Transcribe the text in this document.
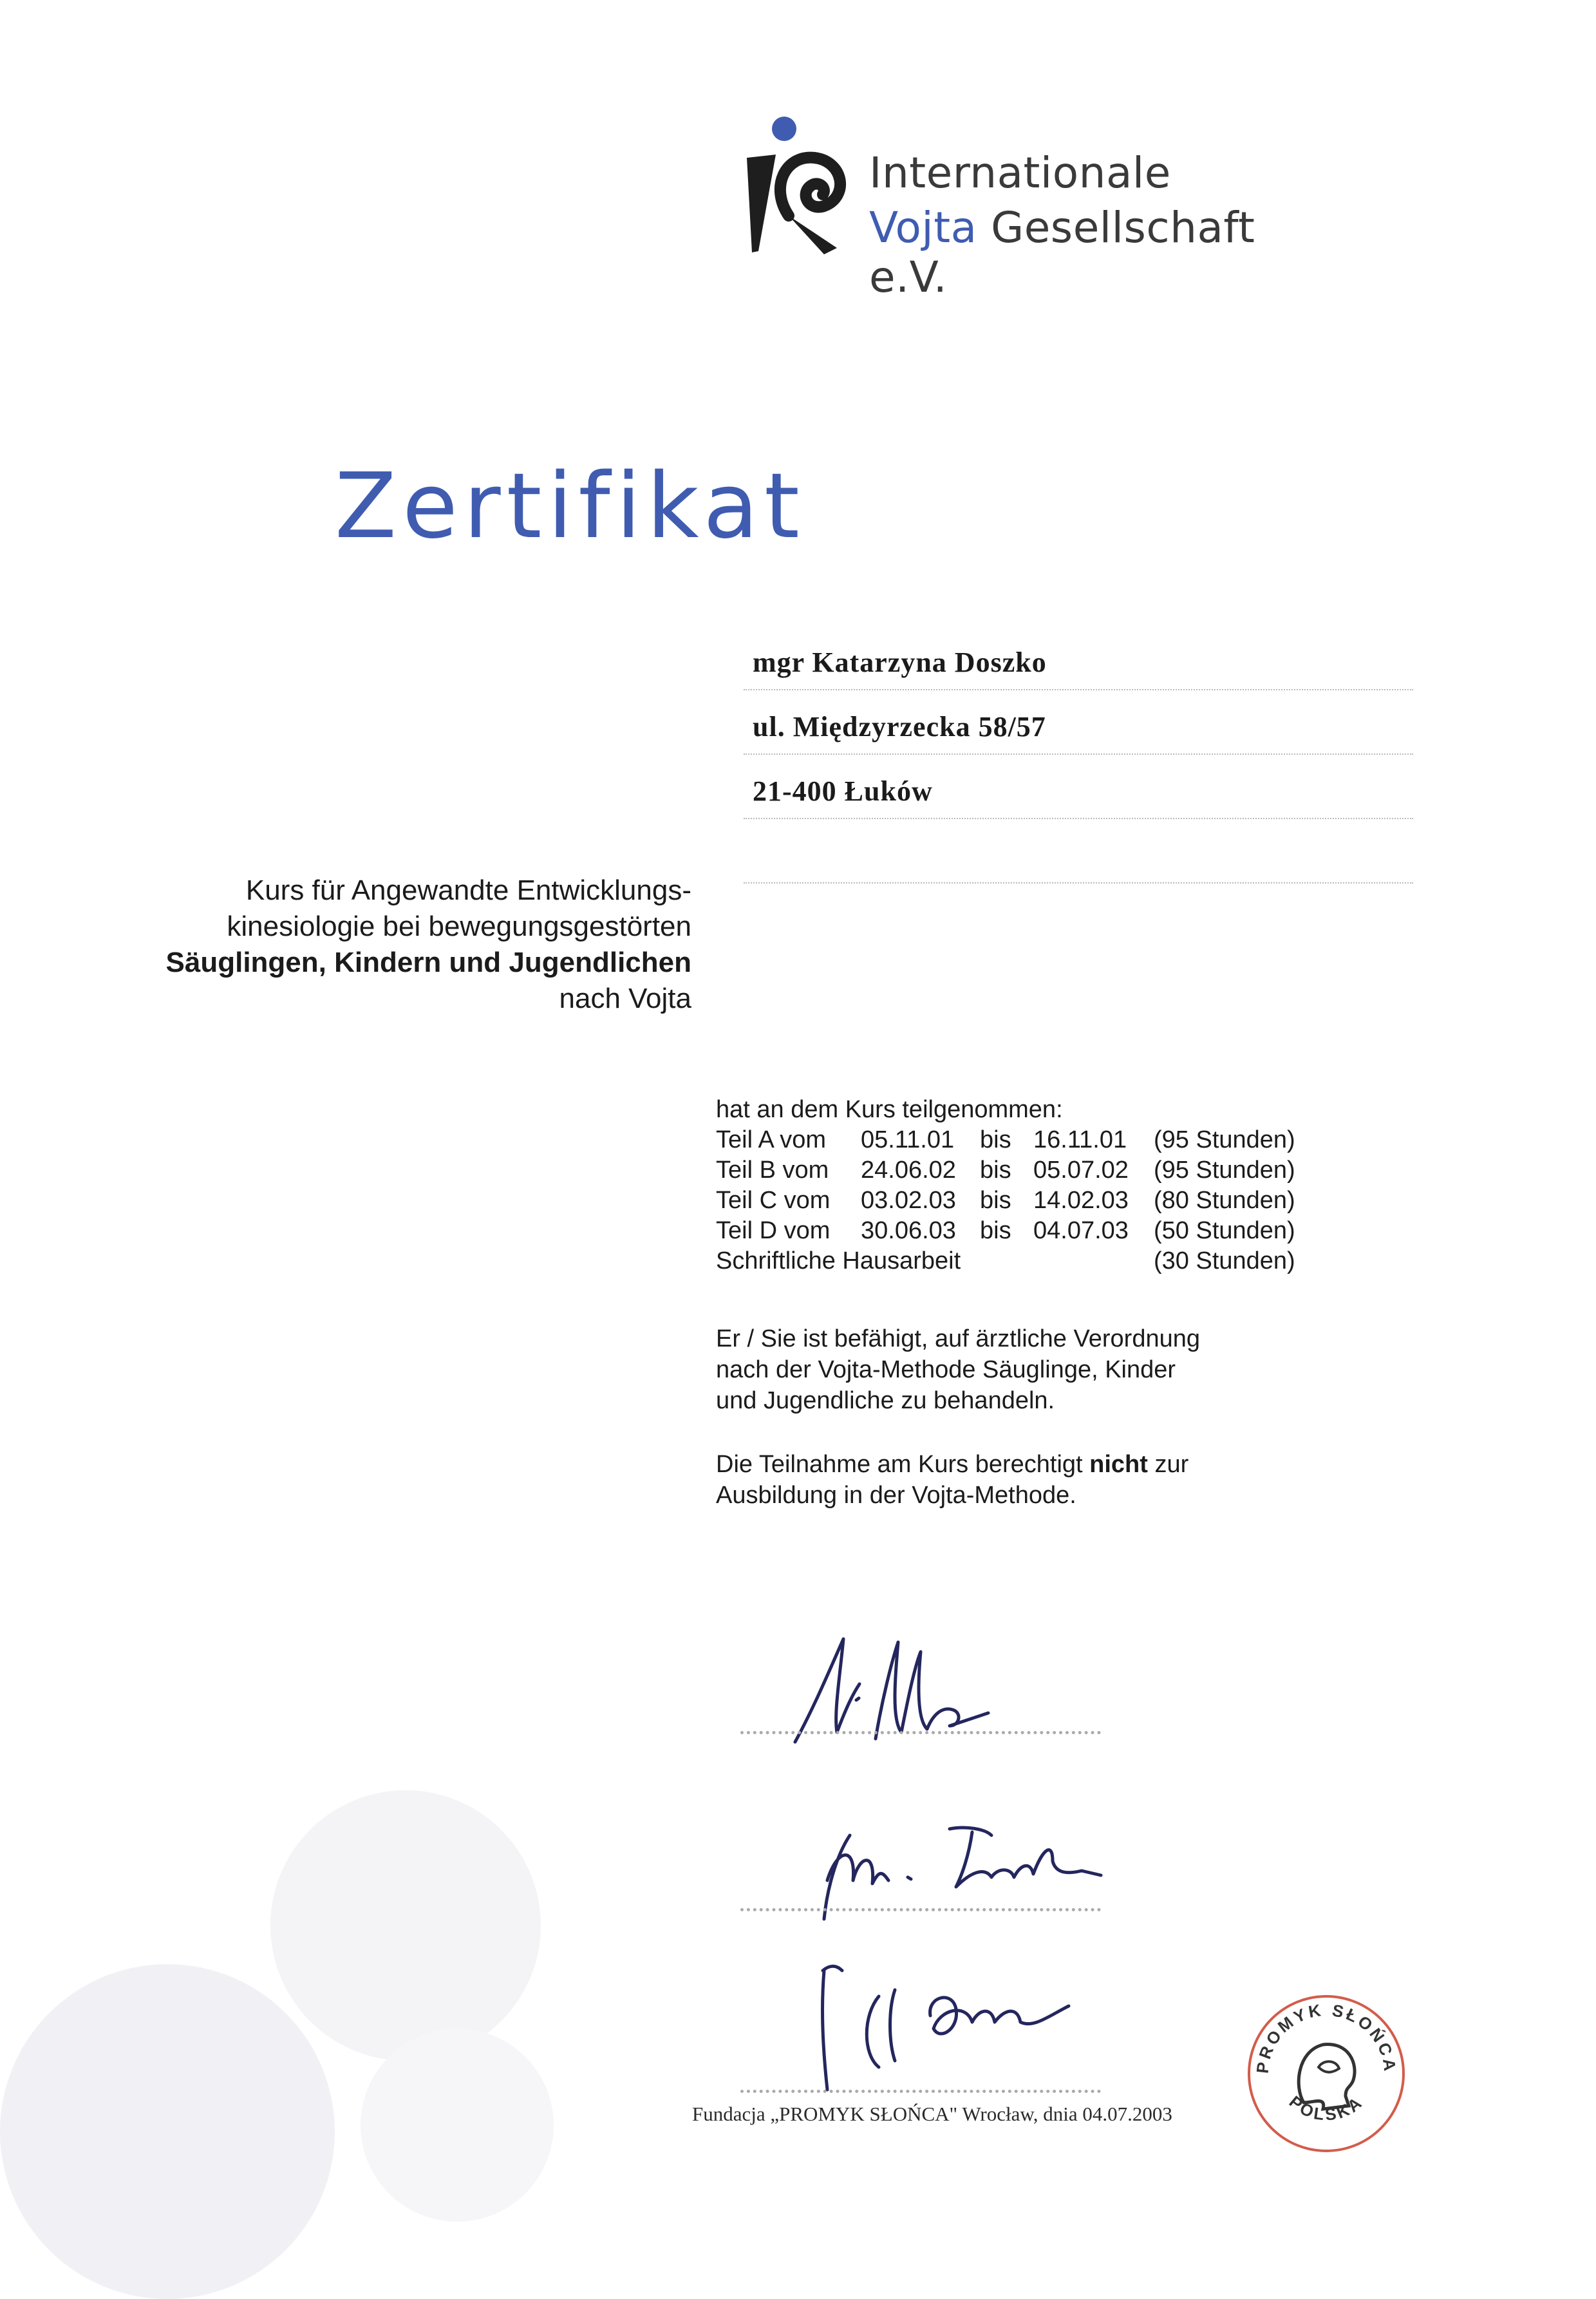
Internationale
Vojta Gesellschaft e.V.
Zertifikat
mgr Katarzyna Doszko
ul. Międzyrzecka 58/57
21-400 Łuków
Kurs für Angewandte Entwicklungs-
kinesiologie bei bewegungsgestörten
Säuglingen, Kindern und Jugendlichen
nach Vojta
hat an dem Kurs teilgenommen:
Teil A vom 05.11.01 bis 16.11.01 (95 Stunden)
Teil B vom 24.06.02 bis 05.07.02 (95 Stunden)
Teil C vom 03.02.03 bis 14.02.03 (80 Stunden)
Teil D vom 30.06.03 bis 04.07.03 (50 Stunden)
Schriftliche Hausarbeit	(30 Stunden)
Er / Sie ist befähigt, auf ärztliche Verordnung
nach der Vojta-Methode Säuglinge, Kinder
und Jugendliche zu behandeln.
Die Teilnahme am Kurs berechtigt nicht zur
Ausbildung in der Vojta-Methode.
Fundacja „PROMYK SŁOŃCA" Wrocław, dnia 04.07.2003
PROMYK SŁOŃCA
POLSKA
